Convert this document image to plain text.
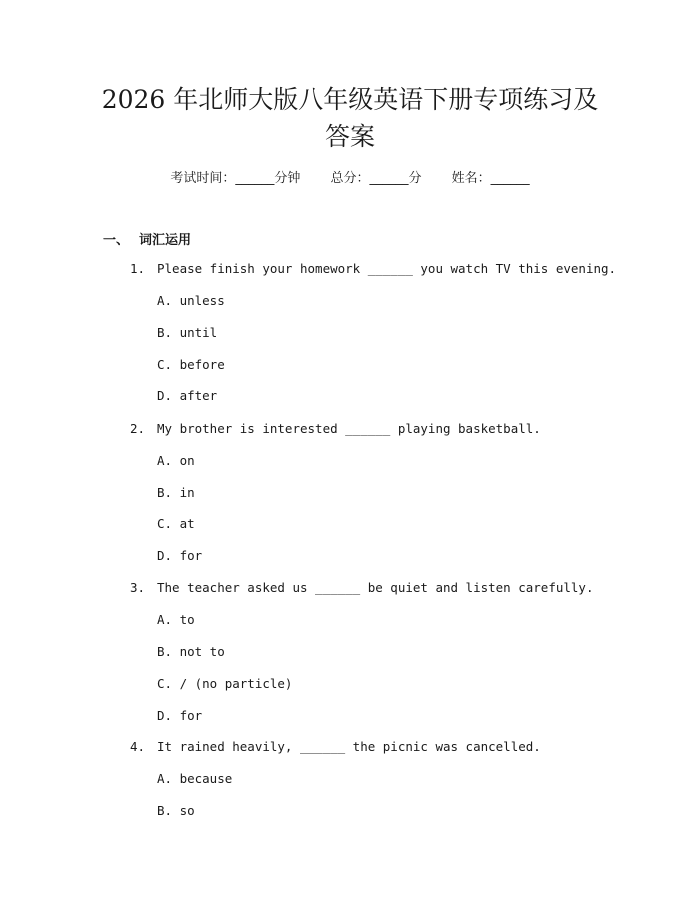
2026 年北师大版八年级英语下册专项练习及
答案
考试时间：______分钟 总分：______分 姓名：______
一、 词汇运用
1. Please finish your homework ______ you watch TV this evening.
A. unless
B. until
C. before
D. after
2. My brother is interested ______ playing basketball.
A. on
B. in
C. at
D. for
3. The teacher asked us ______ be quiet and listen carefully.
A. to
B. not to
C. / (no particle)
D. for
4. It rained heavily, ______ the picnic was cancelled.
A. because
B. so
